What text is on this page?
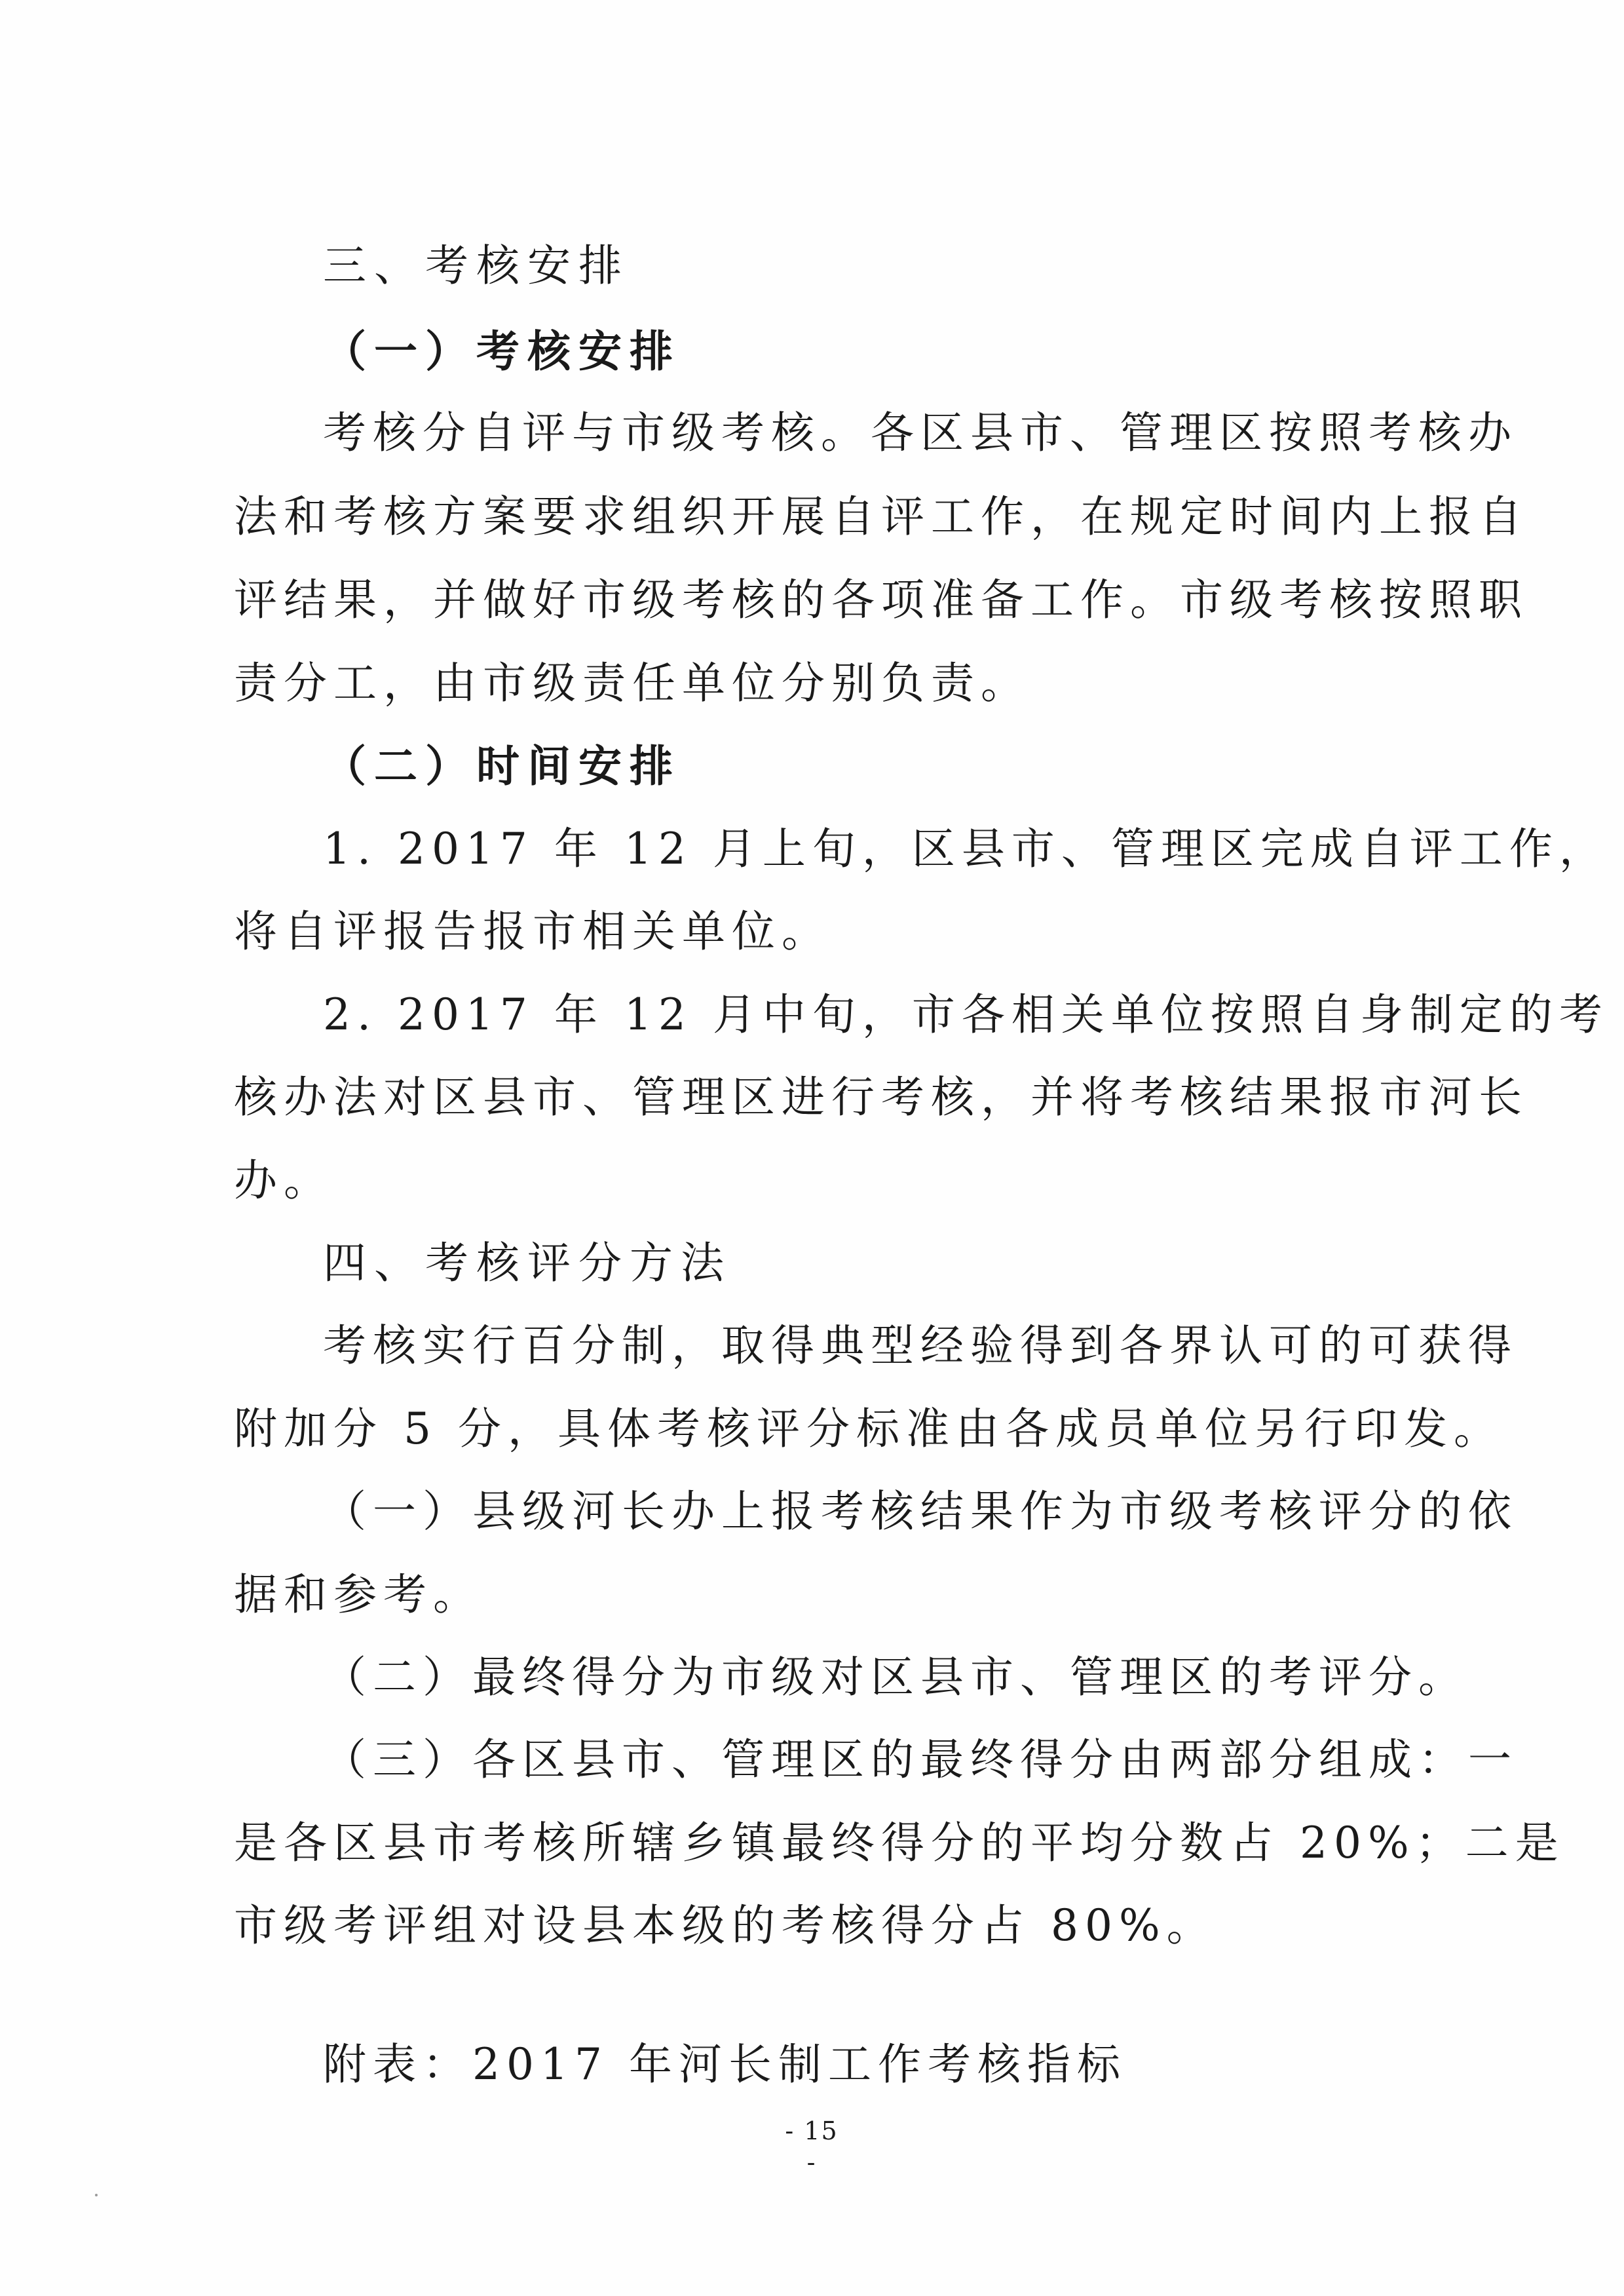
三、考核安排
（一）考核安排
考核分自评与市级考核。各区县市、管理区按照考核办
法和考核方案要求组织开展自评工作，在规定时间内上报自
评结果，并做好市级考核的各项准备工作。市级考核按照职
责分工，由市级责任单位分别负责。
（二）时间安排
1. 2017 年 12 月上旬，区县市、管理区完成自评工作，
将自评报告报市相关单位。
2. 2017 年 12 月中旬，市各相关单位按照自身制定的考
核办法对区县市、管理区进行考核，并将考核结果报市河长
办。
四、考核评分方法
考核实行百分制，取得典型经验得到各界认可的可获得
附加分 5 分，具体考核评分标准由各成员单位另行印发。
（一）县级河长办上报考核结果作为市级考核评分的依
据和参考。
（二）最终得分为市级对区县市、管理区的考评分。
（三）各区县市、管理区的最终得分由两部分组成：一
是各区县市考核所辖乡镇最终得分的平均分数占 20%；二是
市级考评组对设县本级的考核得分占 80%。
附表：2017 年河长制工作考核指标
- 15 -
